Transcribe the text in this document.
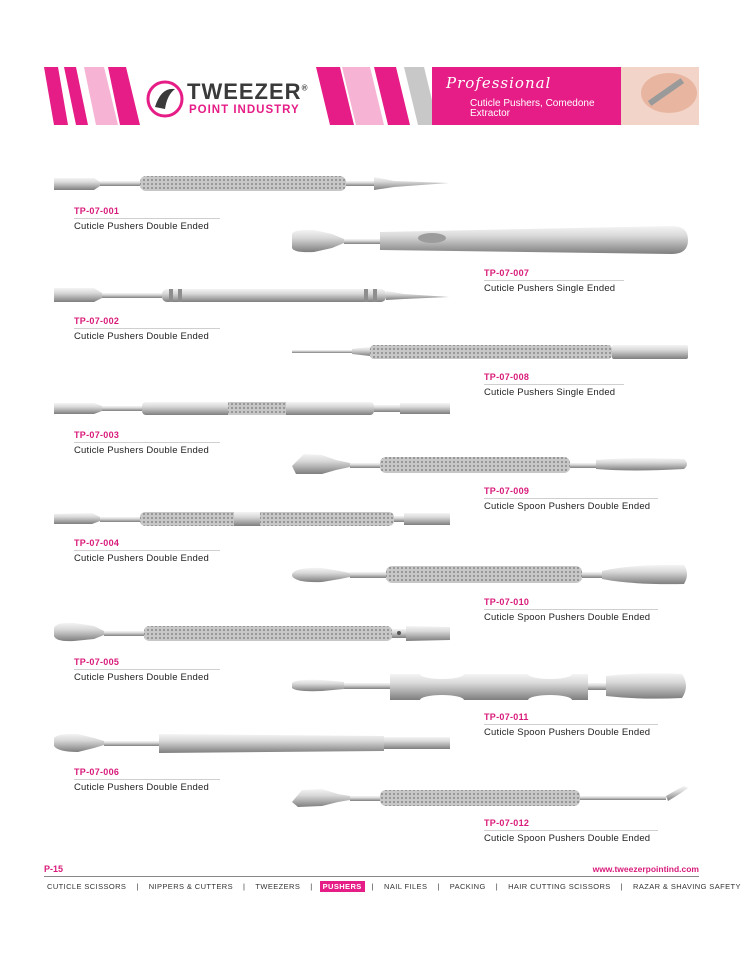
TWEEZER®
POINT INDUSTRY
Professional
Cuticle Pushers, Comedone Extractor
TP-07-001
Cuticle Pushers Double Ended
TP-07-002
Cuticle Pushers Double Ended
TP-07-003
Cuticle Pushers Double Ended
TP-07-004
Cuticle Pushers Double Ended
TP-07-005
Cuticle Pushers Double Ended
TP-07-006
Cuticle Pushers Double Ended
TP-07-007
Cuticle Pushers Single Ended
TP-07-008
Cuticle Pushers Single Ended
TP-07-009
Cuticle Spoon Pushers Double Ended
TP-07-010
Cuticle Spoon Pushers Double Ended
TP-07-011
Cuticle Spoon Pushers Double Ended
TP-07-012
Cuticle Spoon Pushers Double Ended
P-15	www.tweezerpointind.com
CUTICLE SCISSORS	|	NIPPERS & CUTTERS	|	TWEEZERS	|	PUSHERS	|	NAIL FILES	|	PACKING	|	HAIR CUTTING SCISSORS	|	RAZAR & SHAVING SAFETY
